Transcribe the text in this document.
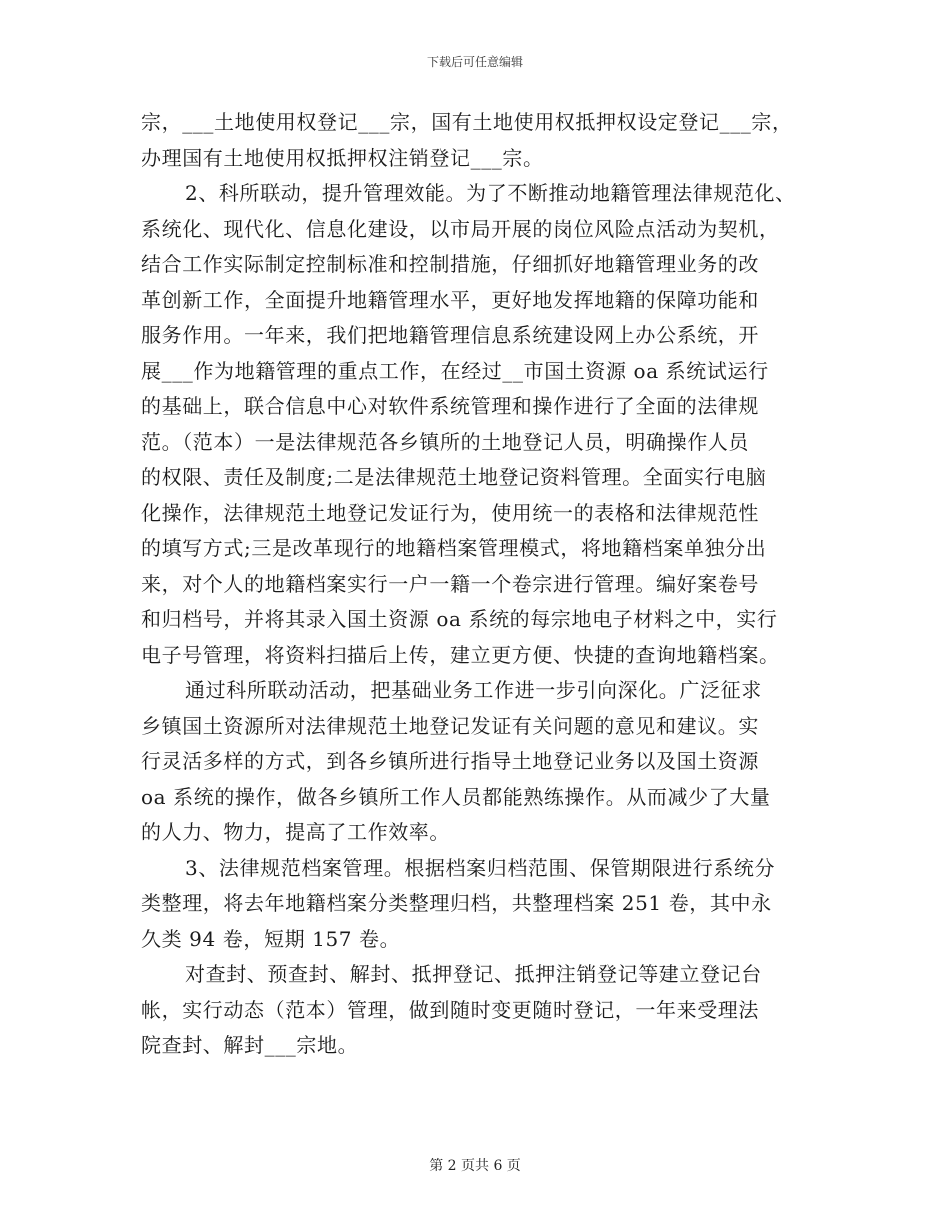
下载后可任意编辑
宗，___土地使用权登记___宗，国有土地使用权抵押权设定登记___宗，
办理国有土地使用权抵押权注销登记___宗。
2、科所联动，提升管理效能。为了不断推动地籍管理法律规范化、
系统化、现代化、信息化建设，以市局开展的岗位风险点活动为契机，
结合工作实际制定控制标准和控制措施，仔细抓好地籍管理业务的改
革创新工作，全面提升地籍管理水平，更好地发挥地籍的保障功能和
服务作用。一年来，我们把地籍管理信息系统建设网上办公系统，开
展___作为地籍管理的重点工作，在经过__市国土资源 oa 系统试运行
的基础上，联合信息中心对软件系统管理和操作进行了全面的法律规
范。（范本）一是法律规范各乡镇所的土地登记人员，明确操作人员
的权限、责任及制度;二是法律规范土地登记资料管理。全面实行电脑
化操作，法律规范土地登记发证行为，使用统一的表格和法律规范性
的填写方式;三是改革现行的地籍档案管理模式，将地籍档案单独分出
来，对个人的地籍档案实行一户一籍一个卷宗进行管理。编好案卷号
和归档号，并将其录入国土资源 oa 系统的每宗地电子材料之中，实行
电子号管理，将资料扫描后上传，建立更方便、快捷的查询地籍档案。
通过科所联动活动，把基础业务工作进一步引向深化。广泛征求
乡镇国土资源所对法律规范土地登记发证有关问题的意见和建议。实
行灵活多样的方式，到各乡镇所进行指导土地登记业务以及国土资源
oa 系统的操作，做各乡镇所工作人员都能熟练操作。从而减少了大量
的人力、物力，提高了工作效率。
3、法律规范档案管理。根据档案归档范围、保管期限进行系统分
类整理，将去年地籍档案分类整理归档，共整理档案 251 卷，其中永
久类 94 卷，短期 157 卷。
对查封、预查封、解封、抵押登记、抵押注销登记等建立登记台
帐，实行动态（范本）管理，做到随时变更随时登记，一年来受理法
院查封、解封___宗地。
第 2 页共 6 页
